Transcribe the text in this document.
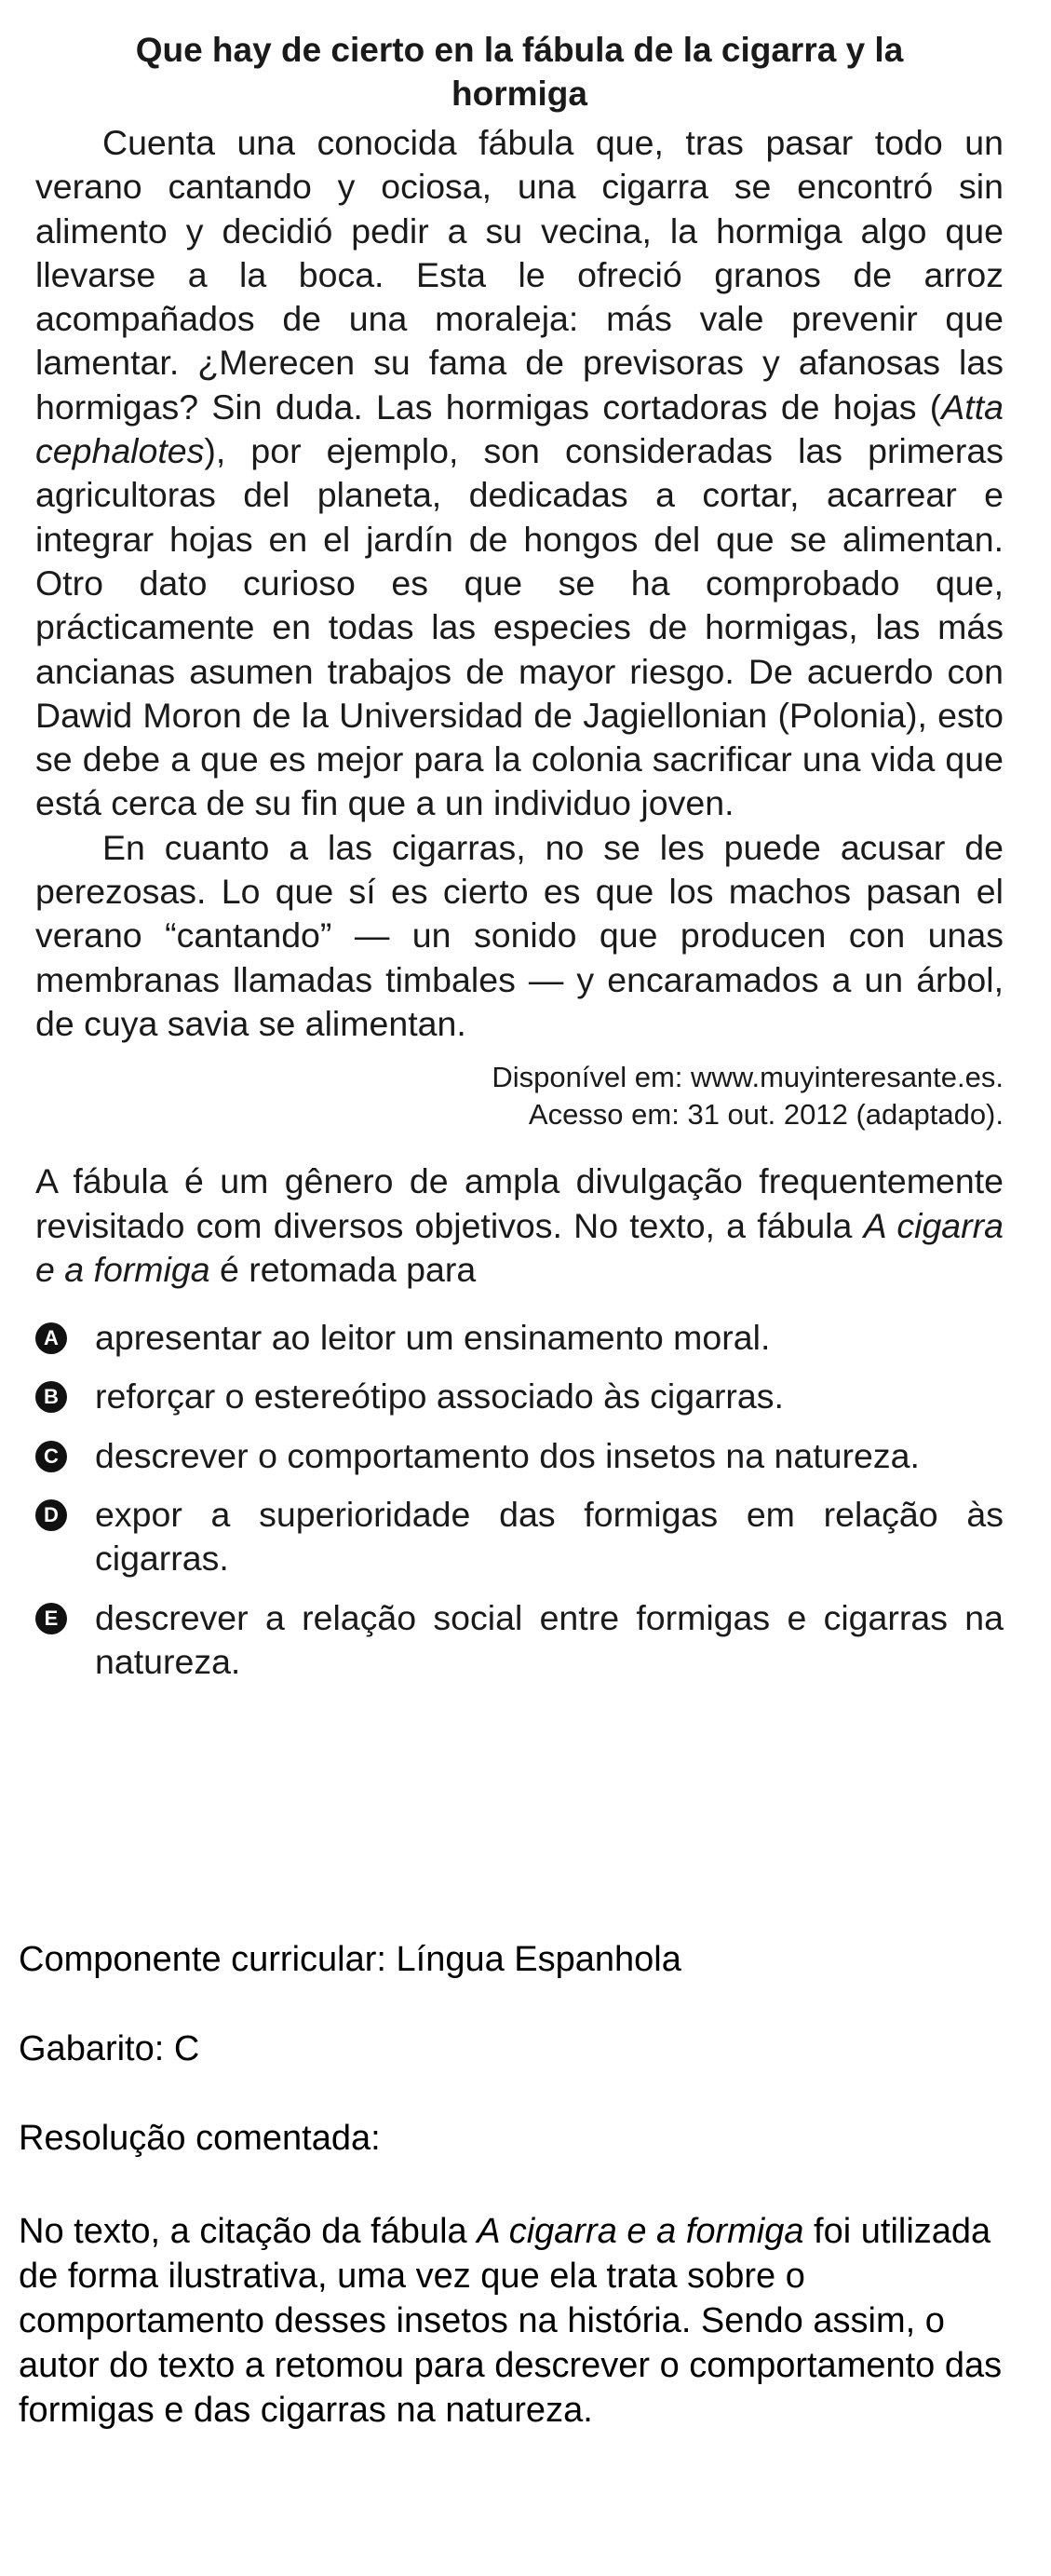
Que hay de cierto en la fábula de la cigarra y la hormiga

Cuenta una conocida fábula que, tras pasar todo un verano cantando y ociosa, una cigarra se encontró sin alimento y decidió pedir a su vecina, la hormiga algo que llevarse a la boca. Esta le ofreció granos de arroz acompañados de una moraleja: más vale prevenir que lamentar. ¿Merecen su fama de previsoras y afanosas las hormigas? Sin duda. Las hormigas cortadoras de hojas (Atta cephalotes), por ejemplo, son consideradas las primeras agricultoras del planeta, dedicadas a cortar, acarrear e integrar hojas en el jardín de hongos del que se alimentan. Otro dato curioso es que se ha comprobado que, prácticamente en todas las especies de hormigas, las más ancianas asumen trabajos de mayor riesgo. De acuerdo con Dawid Moron de la Universidad de Jagiellonian (Polonia), esto se debe a que es mejor para la colonia sacrificar una vida que está cerca de su fin que a un individuo joven.

En cuanto a las cigarras, no se les puede acusar de perezosas. Lo que sí es cierto es que los machos pasan el verano “cantando” — un sonido que producen con unas membranas llamadas timbales — y encaramados a un árbol, de cuya savia se alimentan.

Disponível em: www.muyinteresante.es.
Acesso em: 31 out. 2012 (adaptado).
A fábula é um gênero de ampla divulgação frequentemente revisitado com diversos objetivos. No texto, a fábula A cigarra e a formiga é retomada para
A apresentar ao leitor um ensinamento moral.
B reforçar o estereótipo associado às cigarras.
C descrever o comportamento dos insetos na natureza.
D expor a superioridade das formigas em relação às cigarras.
E descrever a relação social entre formigas e cigarras na natureza.

Componente curricular: Língua Espanhola

Gabarito: C

Resolução comentada:

No texto, a citação da fábula A cigarra e a formiga foi utilizada de forma ilustrativa, uma vez que ela trata sobre o comportamento desses insetos na história. Sendo assim, o autor do texto a retomou para descrever o comportamento das formigas e das cigarras na natureza.
